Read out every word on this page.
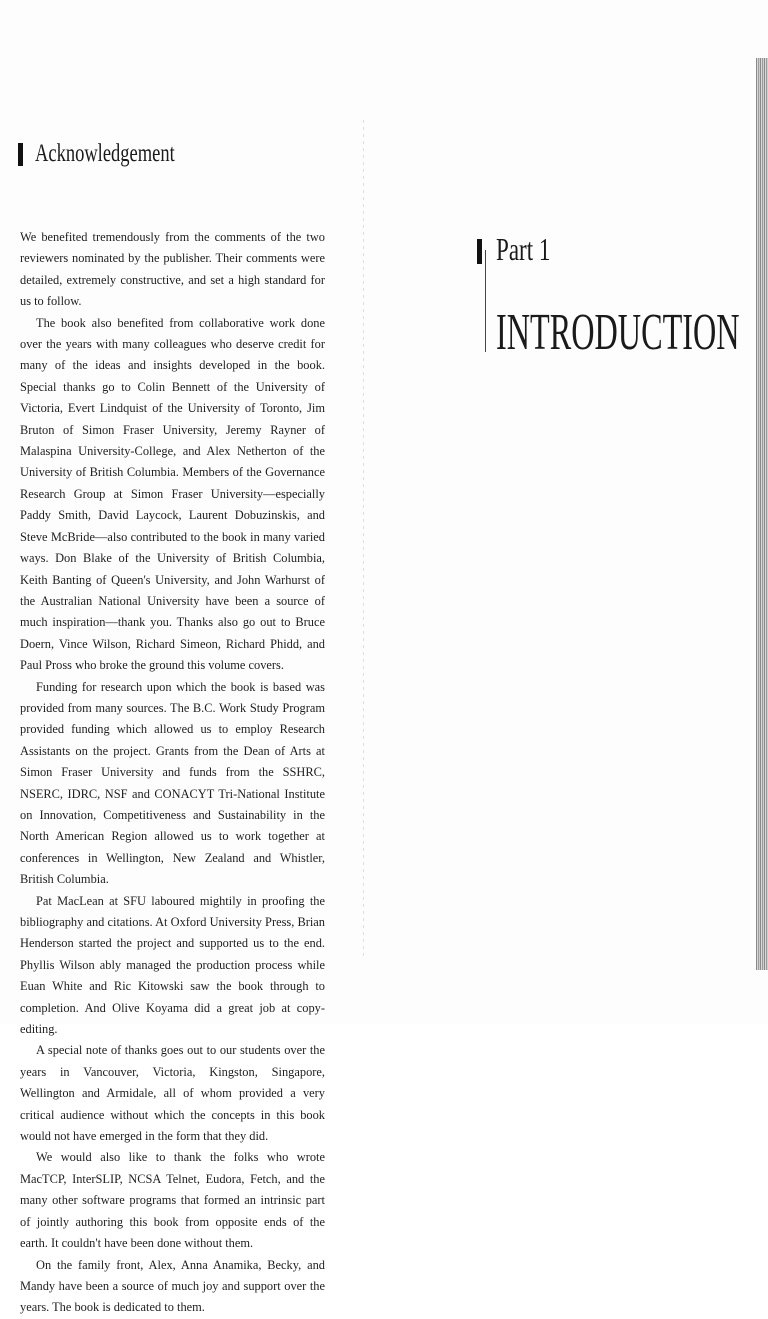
Acknowledgement

We benefited tremendously from the comments of the two reviewers nominated by the publisher. Their comments were detailed, extremely constructive, and set a high standard for us to follow.

The book also benefited from collaborative work done over the years with many colleagues who deserve credit for many of the ideas and insights developed in the book. Special thanks go to Colin Bennett of the University of Victoria, Evert Lindquist of the University of Toronto, Jim Bruton of Simon Fraser University, Jeremy Rayner of Malaspina University-College, and Alex Netherton of the University of British Columbia. Members of the Governance Research Group at Simon Fraser University—especially Paddy Smith, David Laycock, Laurent Dobuzinskis, and Steve McBride—also contributed to the book in many varied ways. Don Blake of the University of British Columbia, Keith Banting of Queen's University, and John Warhurst of the Australian National University have been a source of much inspiration—thank you. Thanks also go out to Bruce Doern, Vince Wilson, Richard Simeon, Richard Phidd, and Paul Pross who broke the ground this volume covers.

Funding for research upon which the book is based was provided from many sources. The B.C. Work Study Program provided funding which allowed us to employ Research Assistants on the project. Grants from the Dean of Arts at Simon Fraser University and funds from the SSHRC, NSERC, IDRC, NSF and CONACYT Tri-National Institute on Innovation, Competitiveness and Sustainability in the North American Region allowed us to work together at conferences in Wellington, New Zealand and Whistler, British Columbia.

Pat MacLean at SFU laboured mightily in proofing the bibliography and citations. At Oxford University Press, Brian Henderson started the project and supported us to the end. Phyllis Wilson ably managed the production process while Euan White and Ric Kitowski saw the book through to completion. And Olive Koyama did a great job at copy-editing.

A special note of thanks goes out to our students over the years in Vancouver, Victoria, Kingston, Singapore, Wellington and Armidale, all of whom provided a very critical audience without which the concepts in this book would not have emerged in the form that they did.

We would also like to thank the folks who wrote MacTCP, InterSLIP, NCSA Telnet, Eudora, Fetch, and the many other software programs that formed an intrinsic part of jointly authoring this book from opposite ends of the earth. It couldn't have been done without them.

On the family front, Alex, Anna Anamika, Becky, and Mandy have been a source of much joy and support over the years. The book is dedicated to them.

Part 1
INTRODUCTION
